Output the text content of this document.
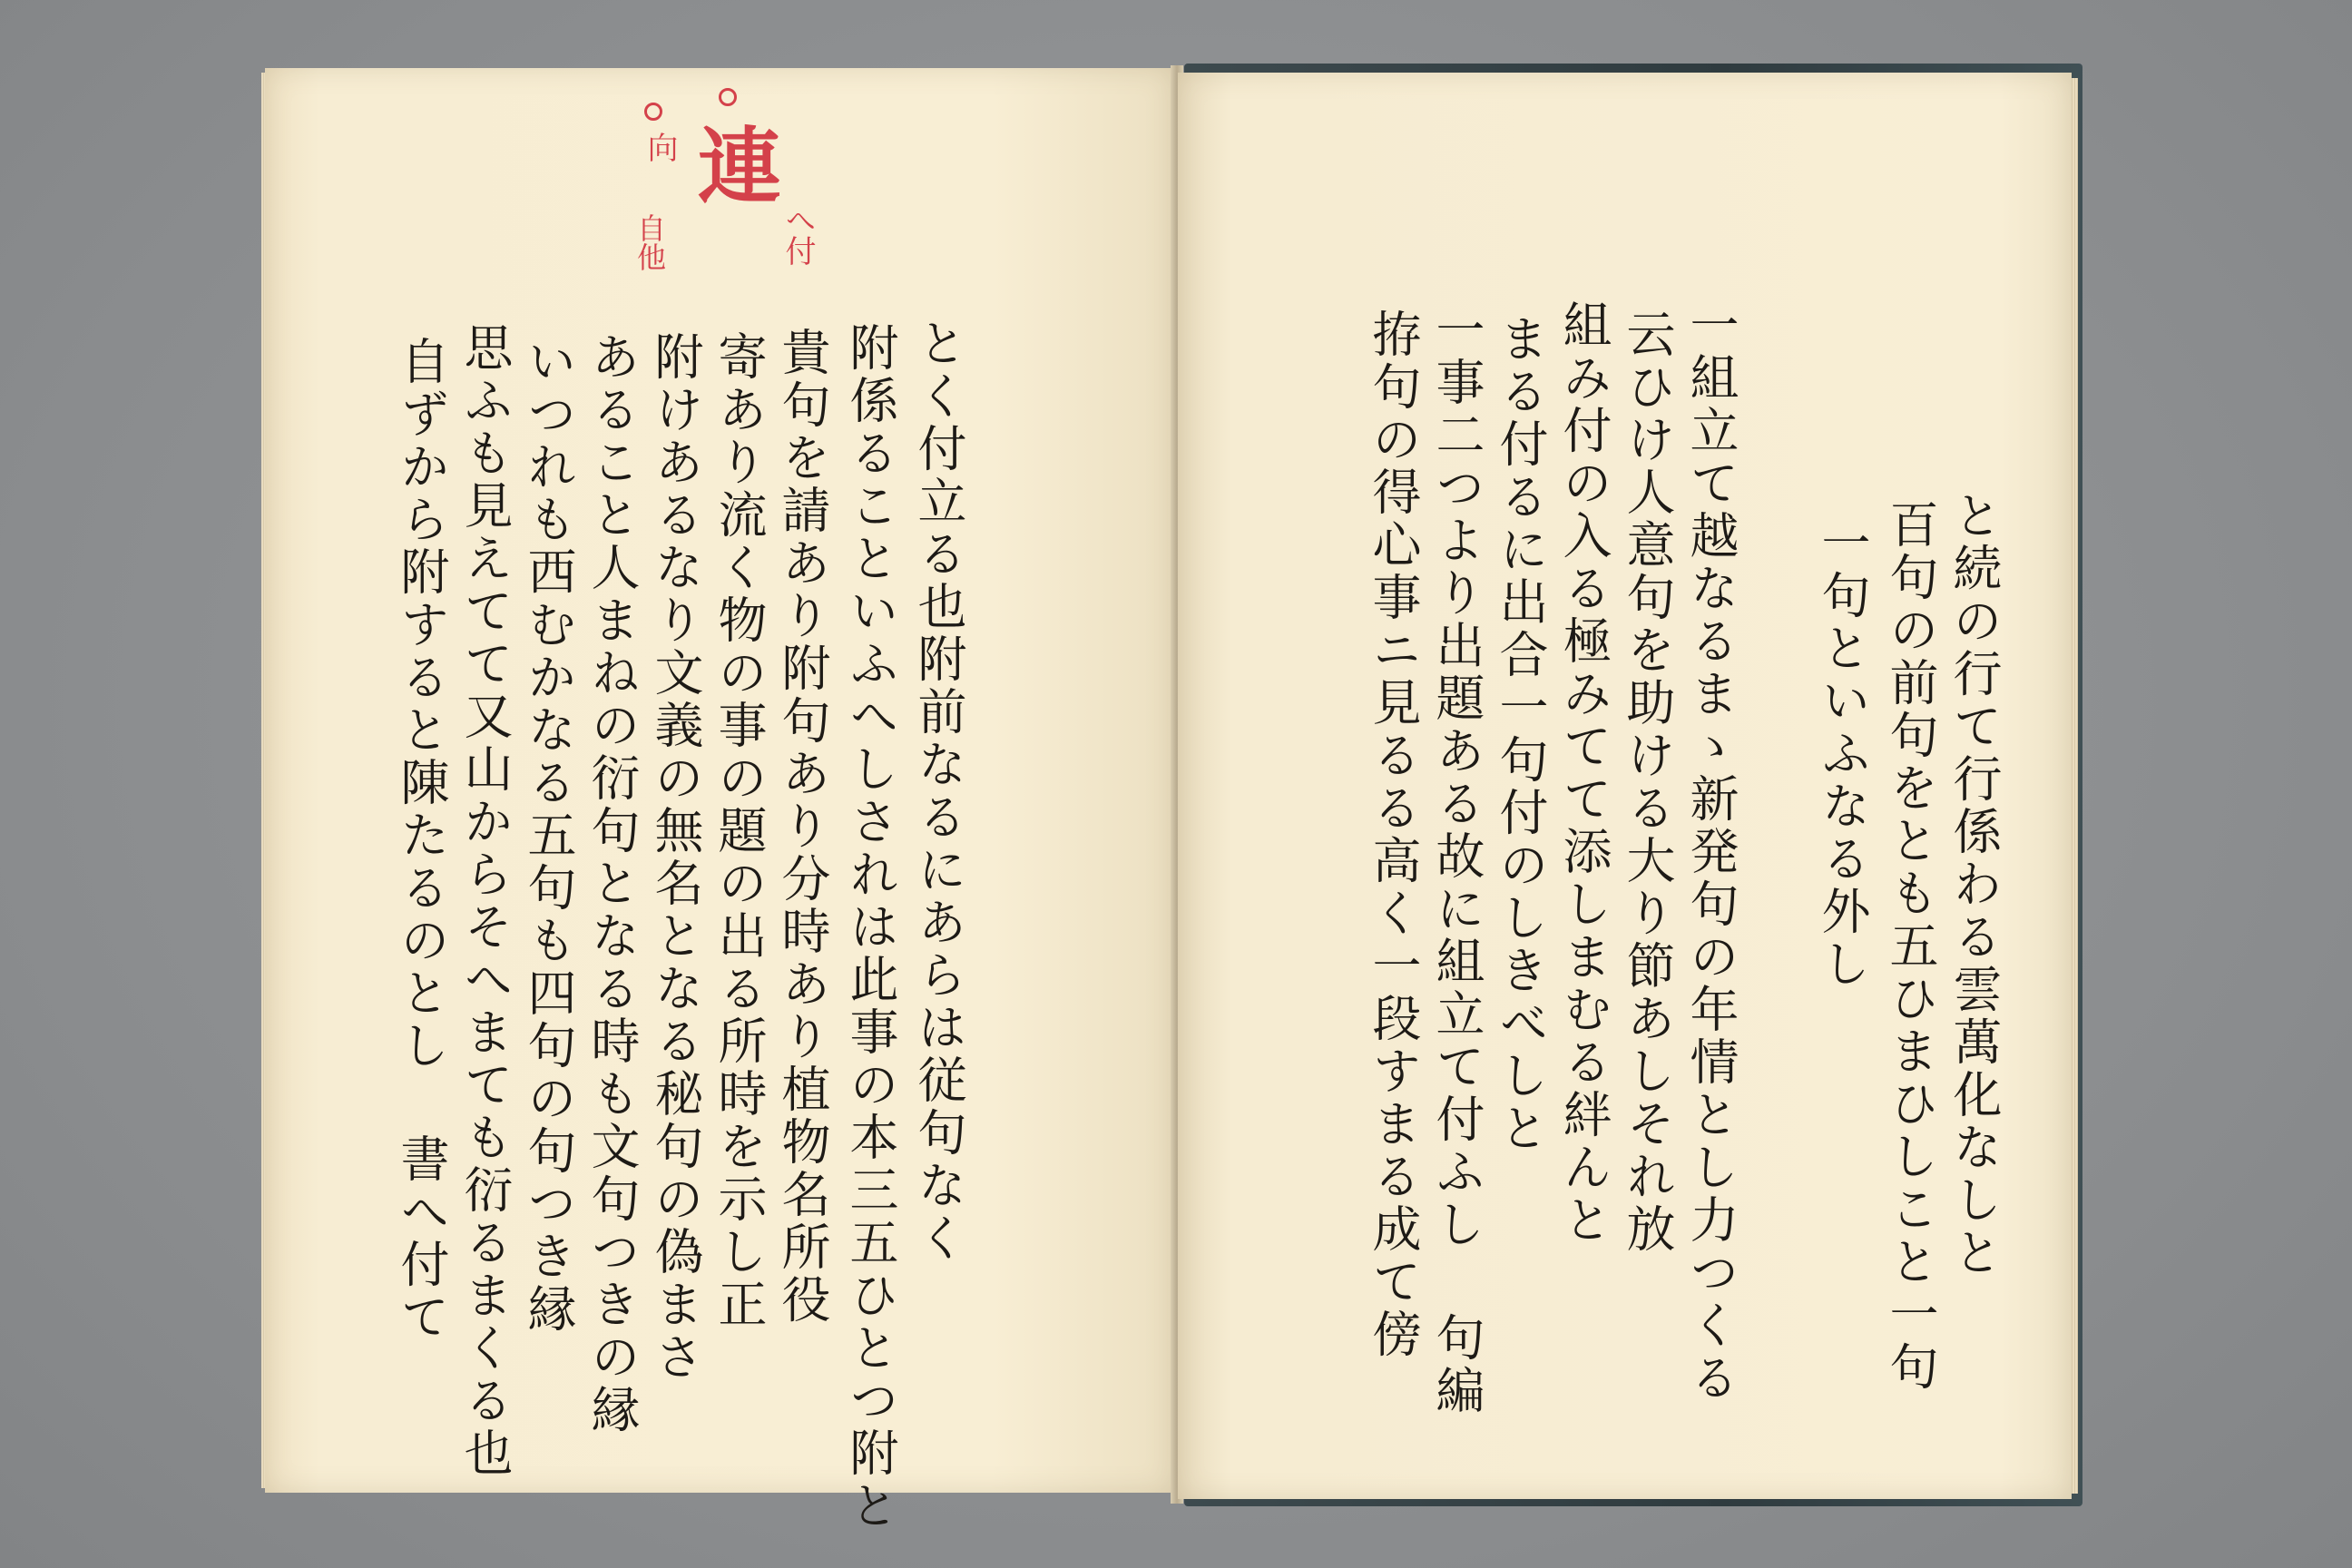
連
へ付
向
自他
とく付立る也附前なるにあらは従句なく
附係ることいふへしされは此事の本三五ひとつ附と
貴句を請あり附句あり分時あり植物名所役
寄あり流く物の事の題の出る所時を示し正
附けあるなり文義の無名となる秘句の偽まさ
あること人まねの衍句となる時も文句つきの縁
いつれも西むかなる五句も四句の句つき縁
思ふも見えてて又山からそへまても衍るまくる也
自ずから附すると陳たるのとし 書へ付て	と続の行て行係わる雲萬化なしと
百句の前句をとも五ひまひしこと一句
一句といふなる外し
一組立て越なるまゝ新発句の年情とし力つくる
云ひけ人意句を助ける大り節あしそれ放
組み付の入る極みてて添しまむる絆んと
まる付るに出合一句付のしきべしと
一事二つより出題ある故に組立て付ふし 句編
拵句の得心事ニ見るる高く一段すまる成て傍
